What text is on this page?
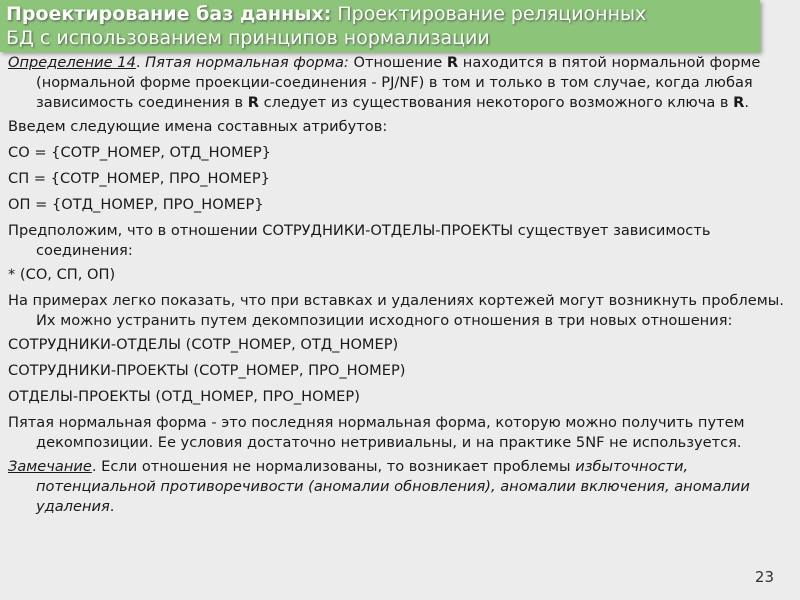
Проектирование баз данных: Проектирование реляционных
БД с использованием принципов нормализации

Определение 14. Пятая нормальная форма: Отношение R находится в пятой нормальной форме (нормальной форме проекции-соединения - PJ/NF) в том и только в том случае, когда любая зависимость соединения в R следует из существования некоторого возможного ключа в R.

Введем следующие имена составных атрибутов:

СО = {СОТР_НОМЕР, ОТД_НОМЕР}

СП = {СОТР_НОМЕР, ПРО_НОМЕР}

ОП = {ОТД_НОМЕР, ПРО_НОМЕР}

Предположим, что в отношении СОТРУДНИКИ-ОТДЕЛЫ-ПРОЕКТЫ существует зависимость соединения:

* (СО, СП, ОП)

На примерах легко показать, что при вставках и удалениях кортежей могут возникнуть проблемы. Их можно устранить путем декомпозиции исходного отношения в три новых отношения:

СОТРУДНИКИ-ОТДЕЛЫ (СОТР_НОМЕР, ОТД_НОМЕР)

СОТРУДНИКИ-ПРОЕКТЫ (СОТР_НОМЕР, ПРО_НОМЕР)

ОТДЕЛЫ-ПРОЕКТЫ (ОТД_НОМЕР, ПРО_НОМЕР)

Пятая нормальная форма - это последняя нормальная форма, которую можно получить путем декомпозиции. Ее условия достаточно нетривиальны, и на практике 5NF не используется.

Замечание. Если отношения не нормализованы, то возникает проблемы избыточности, потенциальной противоречивости (аномалии обновления), аномалии включения, аномалии удаления.

23
